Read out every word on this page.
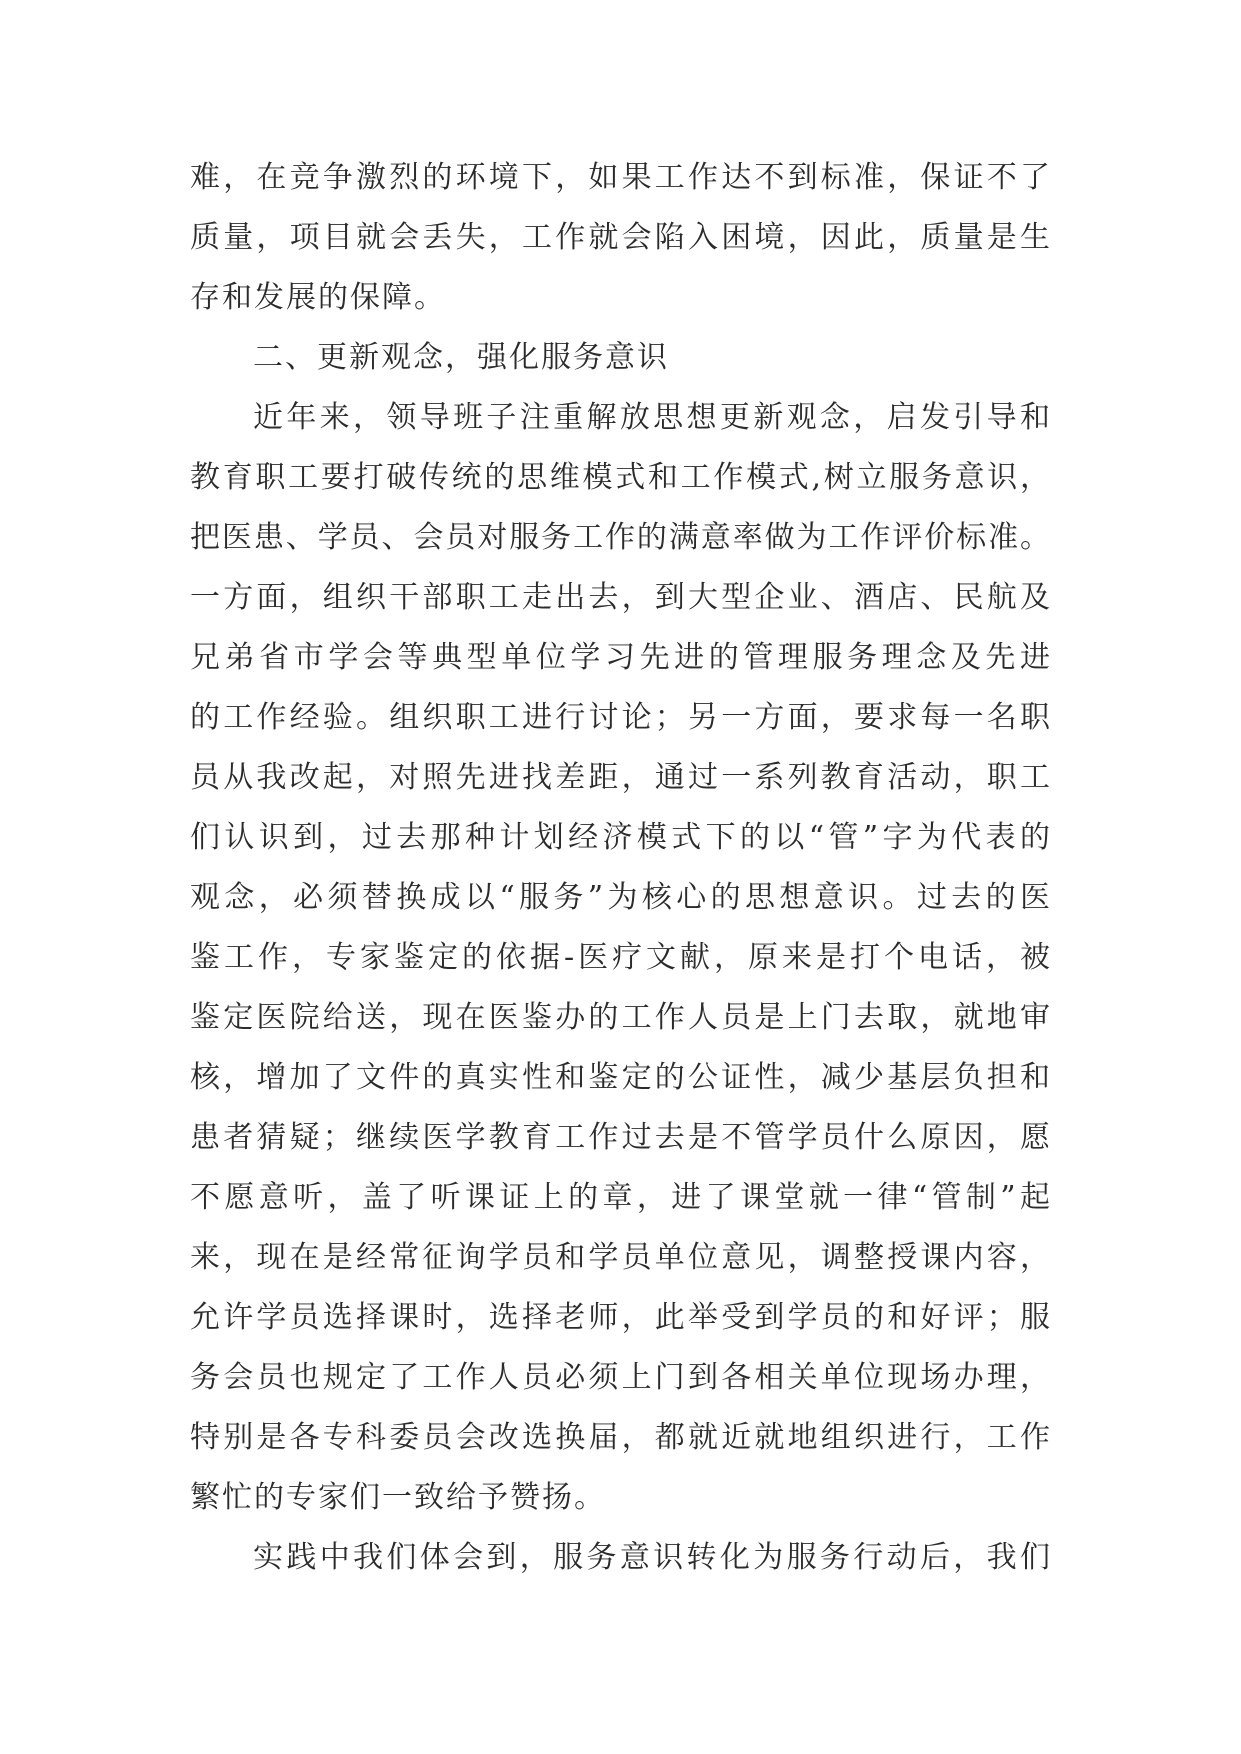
难，在竞争激烈的环境下，如果工作达不到标准，保证不了
质量，项目就会丢失，工作就会陷入困境，因此，质量是生
存和发展的保障。
二、更新观念，强化服务意识
近年来，领导班子注重解放思想更新观念，启发引导和
教育职工要打破传统的思维模式和工作模式,树立服务意识，
把医患、学员、会员对服务工作的满意率做为工作评价标准。
一方面，组织干部职工走出去，到大型企业、酒店、民航及
兄弟省市学会等典型单位学习先进的管理服务理念及先进
的工作经验。组织职工进行讨论；另一方面，要求每一名职
员从我改起，对照先进找差距，通过一系列教育活动，职工
们认识到，过去那种计划经济模式下的以“管”字为代表的
观念，必须替换成以“服务”为核心的思想意识。过去的医
鉴工作，专家鉴定的依据-医疗文献，原来是打个电话，被
鉴定医院给送，现在医鉴办的工作人员是上门去取，就地审
核，增加了文件的真实性和鉴定的公证性，减少基层负担和
患者猜疑；继续医学教育工作过去是不管学员什么原因，愿
不愿意听，盖了听课证上的章，进了课堂就一律“管制”起
来，现在是经常征询学员和学员单位意见，调整授课内容，
允许学员选择课时，选择老师，此举受到学员的和好评；服
务会员也规定了工作人员必须上门到各相关单位现场办理，
特别是各专科委员会改选换届，都就近就地组织进行，工作
繁忙的专家们一致给予赞扬。
实践中我们体会到，服务意识转化为服务行动后，我们
